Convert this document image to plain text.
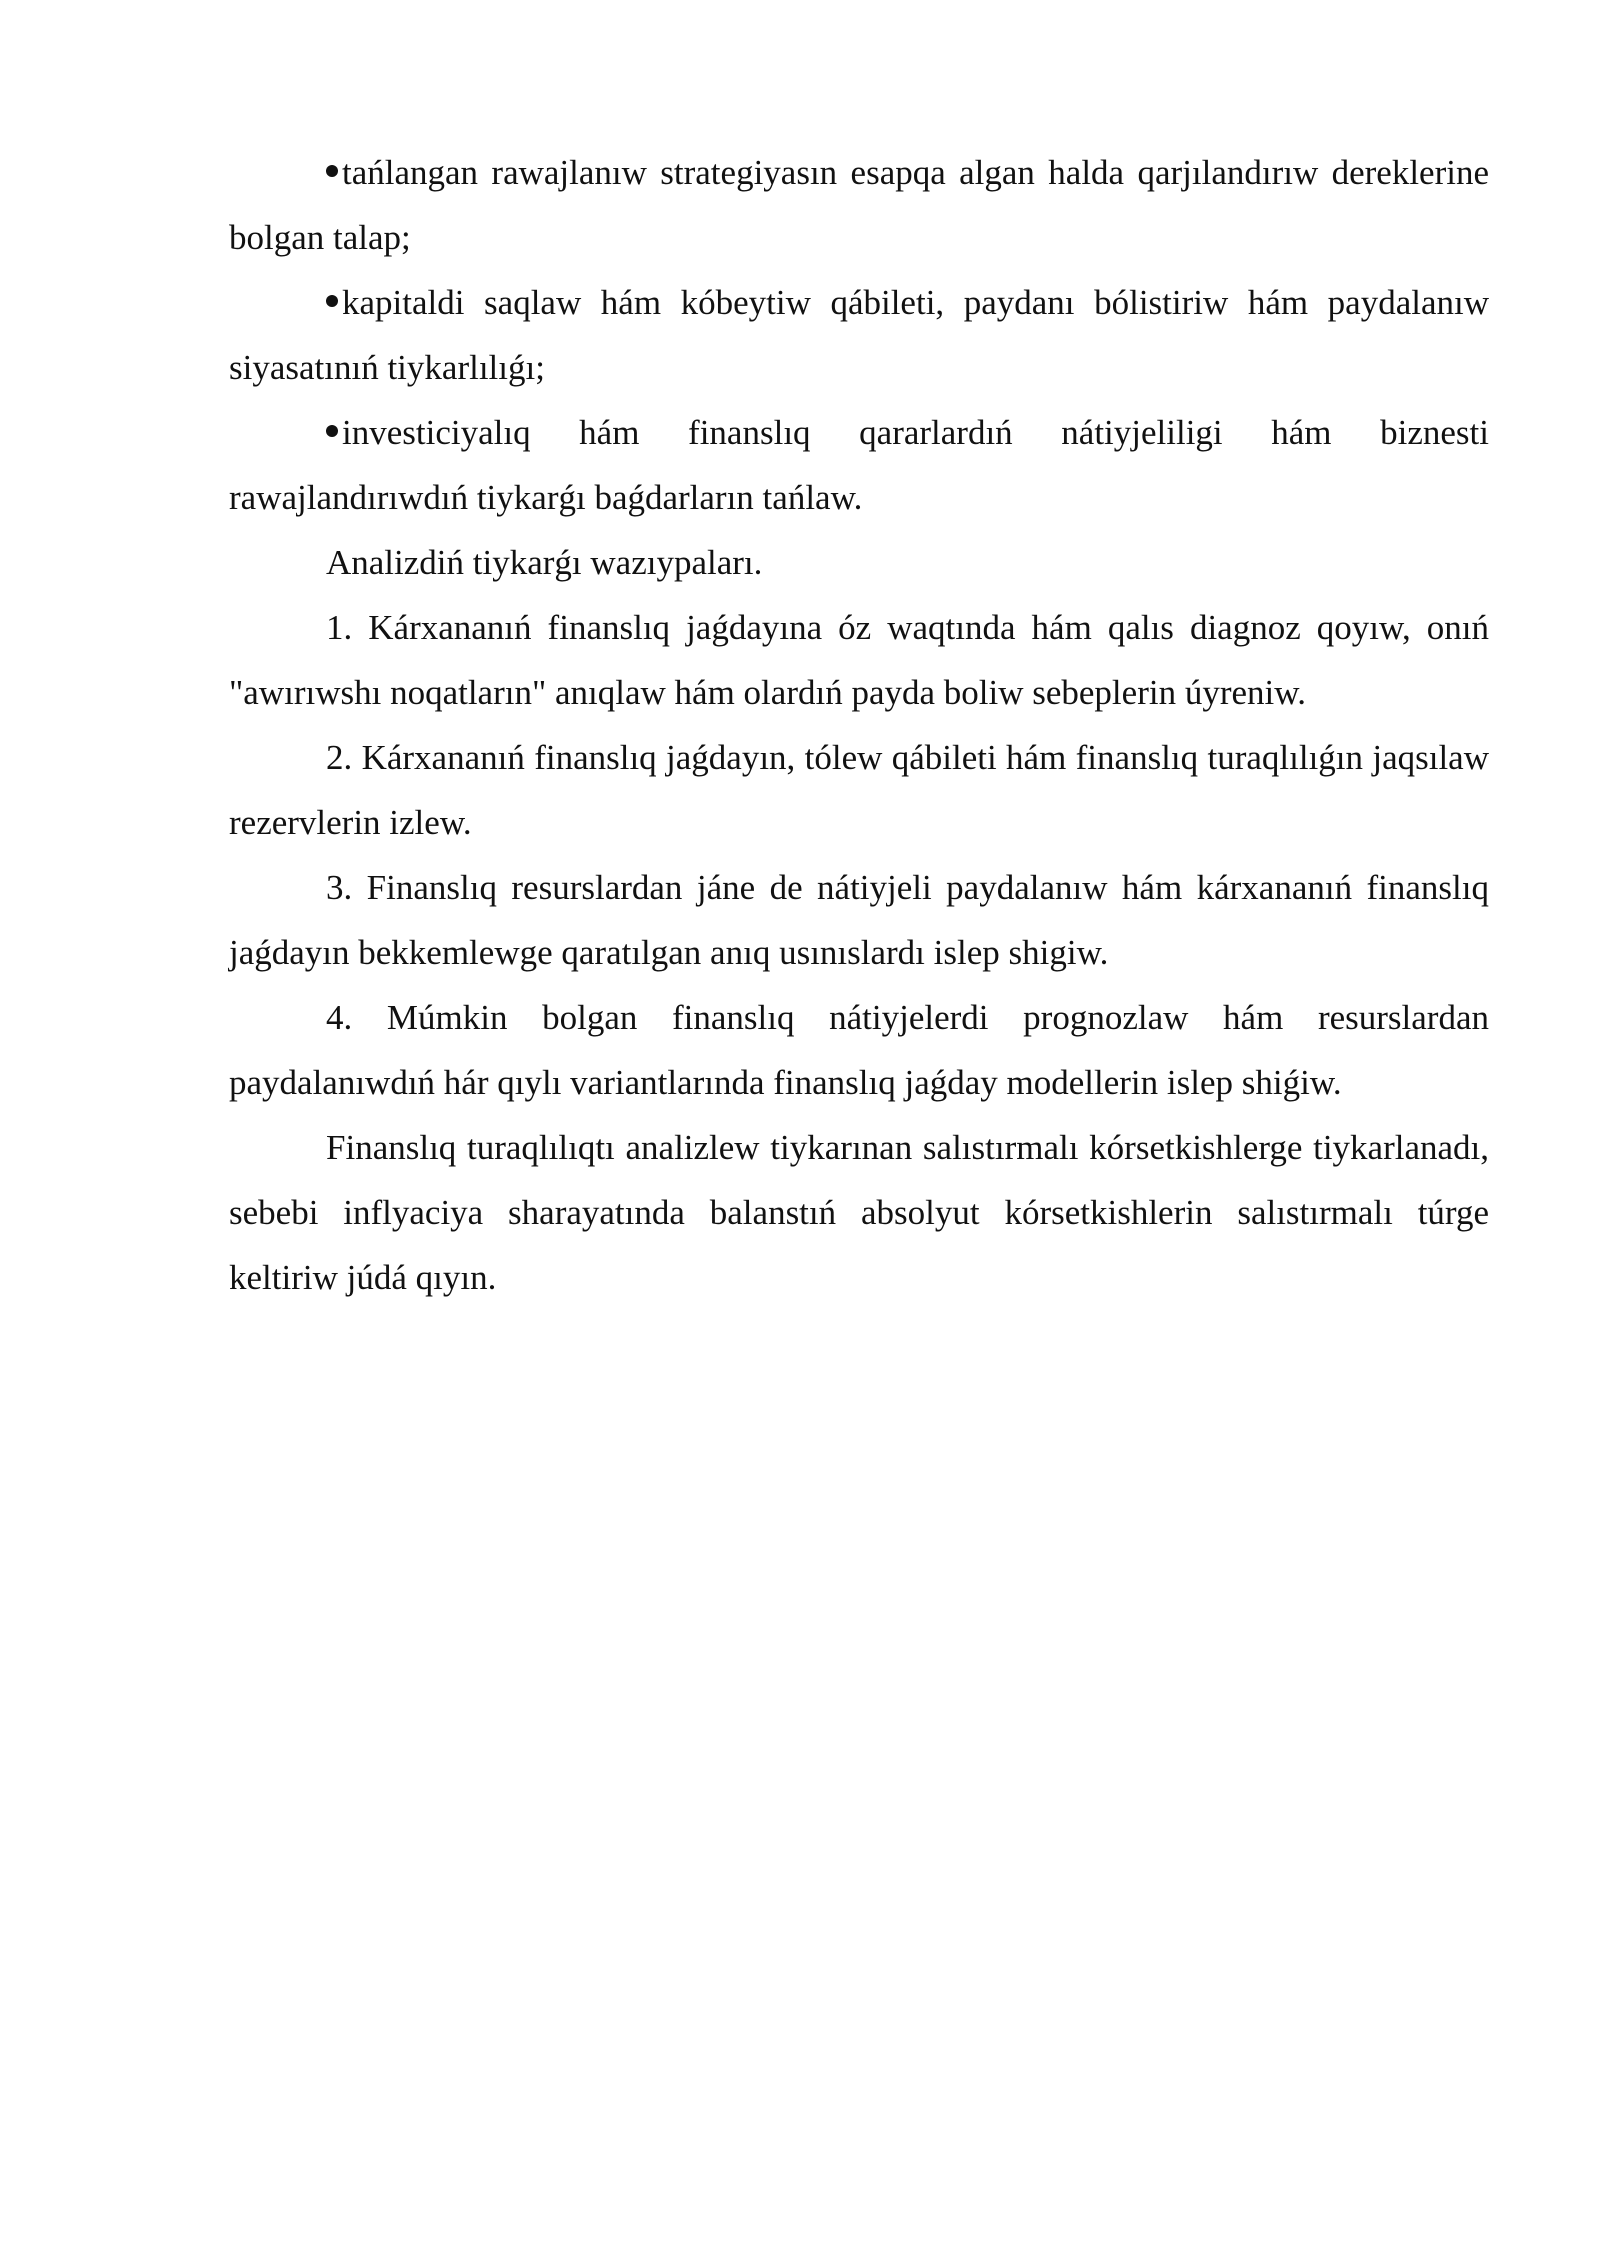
tańlangan rawajlanıw strategiyasın esapqa algan halda qarjılandırıw dereklerine bolgan talap;

kapitaldi saqlaw hám kóbeytiw qábileti, paydanı bólistiriw hám paydalanıw siyasatınıń tiykarlılıǵı;

investiciyalıq hám finanslıq qararlardıń nátiyjeliligi hám biznesti rawajlandırıwdıń tiykarǵı baǵdarların tańlaw.

Analizdiń tiykarǵı wazıypaları.

1. Kárxananıń finanslıq jaǵdayına óz waqtında hám qalıs diagnoz qoyıw, onıń "awırıwshı noqatların" anıqlaw hám olardıń payda boliw sebeplerin úyreniw.

2. Kárxananıń finanslıq jaǵdayın, tólew qábileti hám finanslıq turaqlılıǵın jaqsılaw rezervlerin izlew.

3. Finanslıq resurslardan jáne de nátiyjeli paydalanıw hám kárxananıń finanslıq jaǵdayın bekkemlewge qaratılgan anıq usınıslardı islep shigiw.

4. Múmkin bolgan finanslıq nátiyjelerdi prognozlaw hám resurslardan paydalanıwdıń hár qıylı variantlarında finanslıq jaǵday modellerin islep shiǵiw.

Finanslıq turaqlılıqtı analizlew tiykarınan salıstırmalı kórsetkishlerge tiykarlanadı, sebebi inflyaciya sharayatında balanstıń absolyut kórsetkishlerin salıstırmalı túrge keltiriw júdá qıyın.
